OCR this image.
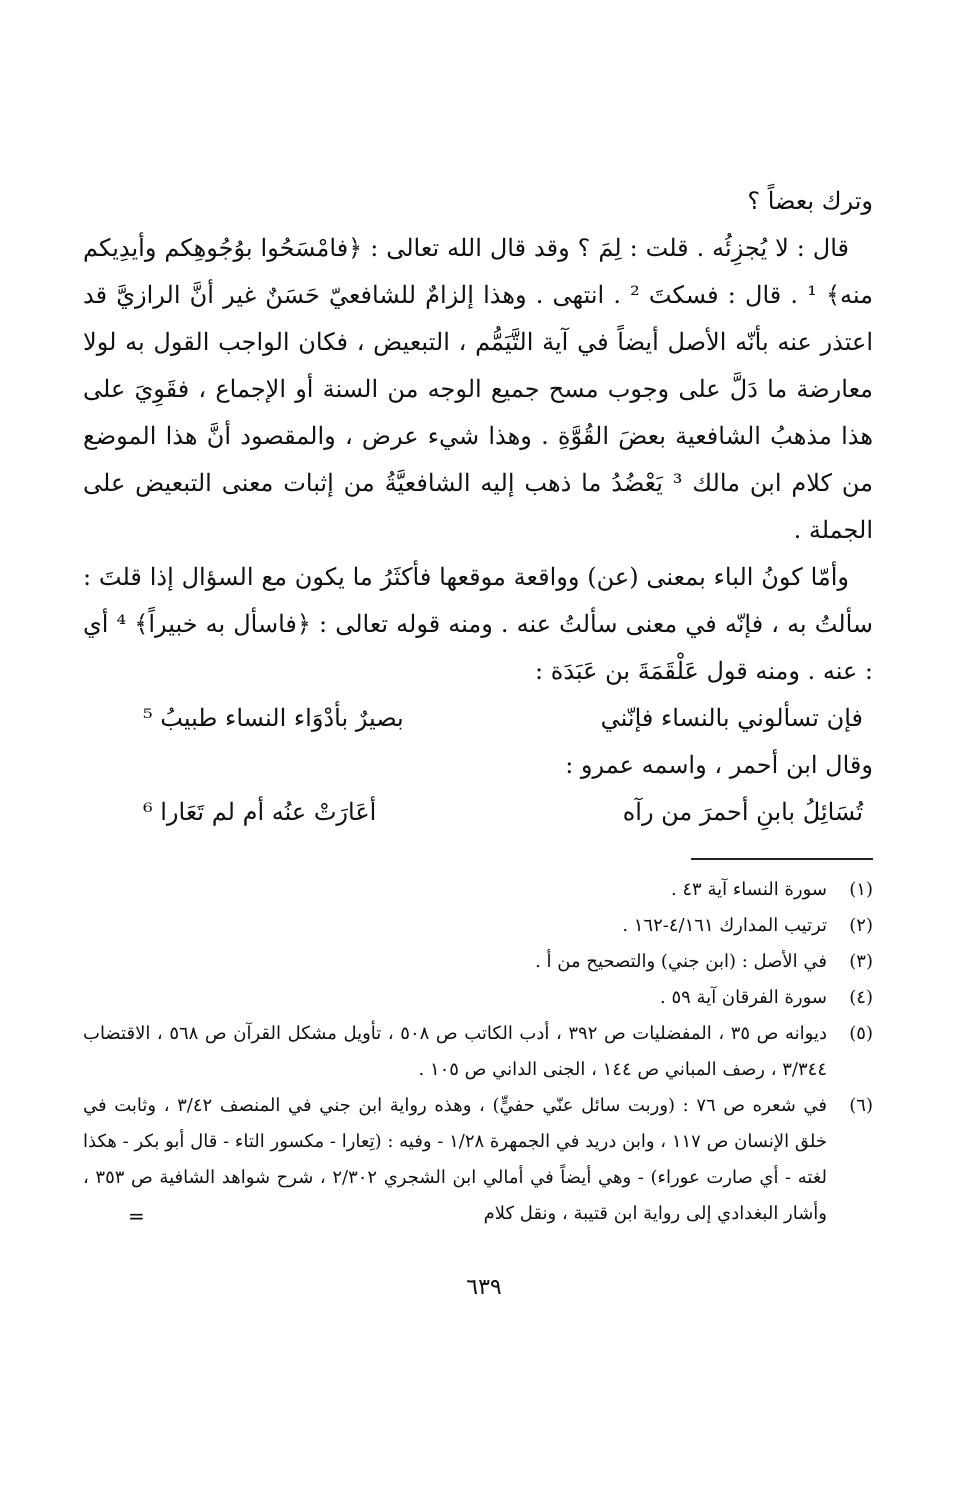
وترك بعضاً ؟

قال : لا يُجزِئُه . قلت : لِمَ ؟ وقد قال الله تعالى : ﴿فامْسَحُوا بوُجُوهِكم وأيدِيكم منه﴾ ¹ . قال : فسكتَ ² . انتهى . وهذا إلزامٌ للشافعيّ حَسَنٌ غير أنَّ الرازيَّ قد اعتذر عنه بأنّه الأصل أيضاً في آية التَّيَمُّم ، التبعيض ، فكان الواجب القول به لولا معارضة ما دَلَّ على وجوب مسح جميع الوجه من السنة أو الإجماع ، فقَوِيَ على هذا مذهبُ الشافعية بعضَ القُوَّةِ . وهذا شيء عرض ، والمقصود أنَّ هذا الموضع من كلام ابن مالك ³ يَعْضُدُ ما ذهب إليه الشافعيَّةُ من إثبات معنى التبعيض على الجملة .

وأمّا كونُ الباء بمعنى (عن) وواقعة موقعها فأكثَرُ ما يكون مع السؤال إذا قلتَ : سألتُ به ، فإنّه في معنى سألتُ عنه . ومنه قوله تعالى : ﴿فاسأل به خبيراً﴾ ⁴ أي : عنه . ومنه قول عَلْقَمَةَ بن عَبَدَة :

فإن تسألوني بالنساء فإنّني
بصيرٌ بأدْوَاء النساء طبيبُ ⁵

وقال ابن أحمر ، واسمه عمرو :

تُسَائِلُ بابنِ أحمرَ من رآه
أعَارَتْ عنُه أم لم تَعَارا ⁶
(١)
سورة النساء آية ٤٣ .
(٢)
ترتيب المدارك ٤/١٦١-١٦٢ .
(٣)
في الأصل : (ابن جني) والتصحيح من أ .
(٤)
سورة الفرقان آية ٥٩ .
(٥)
ديوانه ص ٣٥ ، المفضليات ص ٣٩٢ ، أدب الكاتب ص ٥٠٨ ، تأويل مشكل القرآن ص ٥٦٨ ، الاقتضاب ٣/٣٤٤ ، رصف المباني ص ١٤٤ ، الجنى الداني ص ١٠٥ .
(٦)
في شعره ص ٧٦ : (وربت سائل عنّي حفيٍّ) ، وهذه رواية ابن جني في المنصف ٣/٤٢ ، وثابت في خلق الإنسان ص ١١٧ ، وابن دريد في الجمهرة ١/٢٨ - وفيه : (تِعارا - مكسور التاء - قال أبو بكر - هكذا لغته - أي صارت عوراء) - وهي أيضاً في أمالي ابن الشجري ٢/٣٠٢ ، شرح شواهد الشافية ص ٣٥٣ ، وأشار البغدادي إلى رواية ابن قتيبة ، ونقل كلام
=
٦٣٩
